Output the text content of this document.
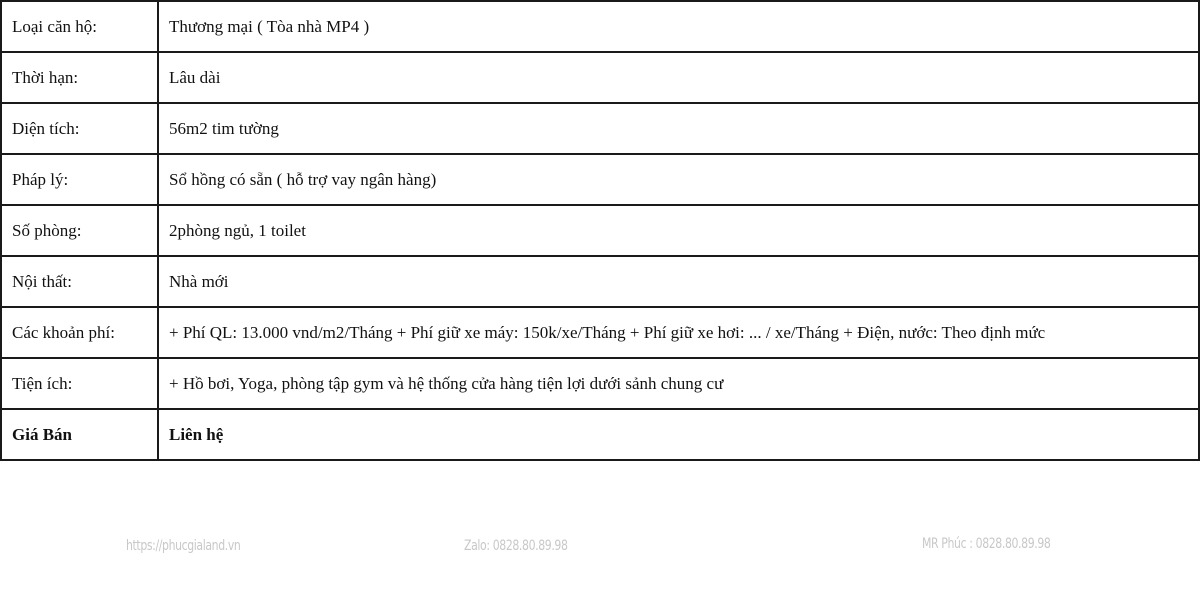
Loại căn hộ:	Thương mại ( Tòa nhà MP4 )
Thời hạn:	Lâu dài
Diện tích:	56m2 tim tường
Pháp lý:	Sổ hồng có sẵn ( hỗ trợ vay ngân hàng)
Số phòng:	2phòng ngủ, 1 toilet
Nội thất:	Nhà mới
Các khoản phí:	+ Phí QL: 13.000 vnd/m2/Tháng + Phí giữ xe máy: 150k/xe/Tháng + Phí giữ xe hơi: ... / xe/Tháng + Điện, nước: Theo định mức
Tiện ích:	+ Hồ bơi, Yoga, phòng tập gym và hệ thống cửa hàng tiện lợi dưới sảnh chung cư
Giá Bán	Liên hệ
https://phucgialand.vn	Zalo: 0828.80.89.98	MR Phúc : 0828.80.89.98
